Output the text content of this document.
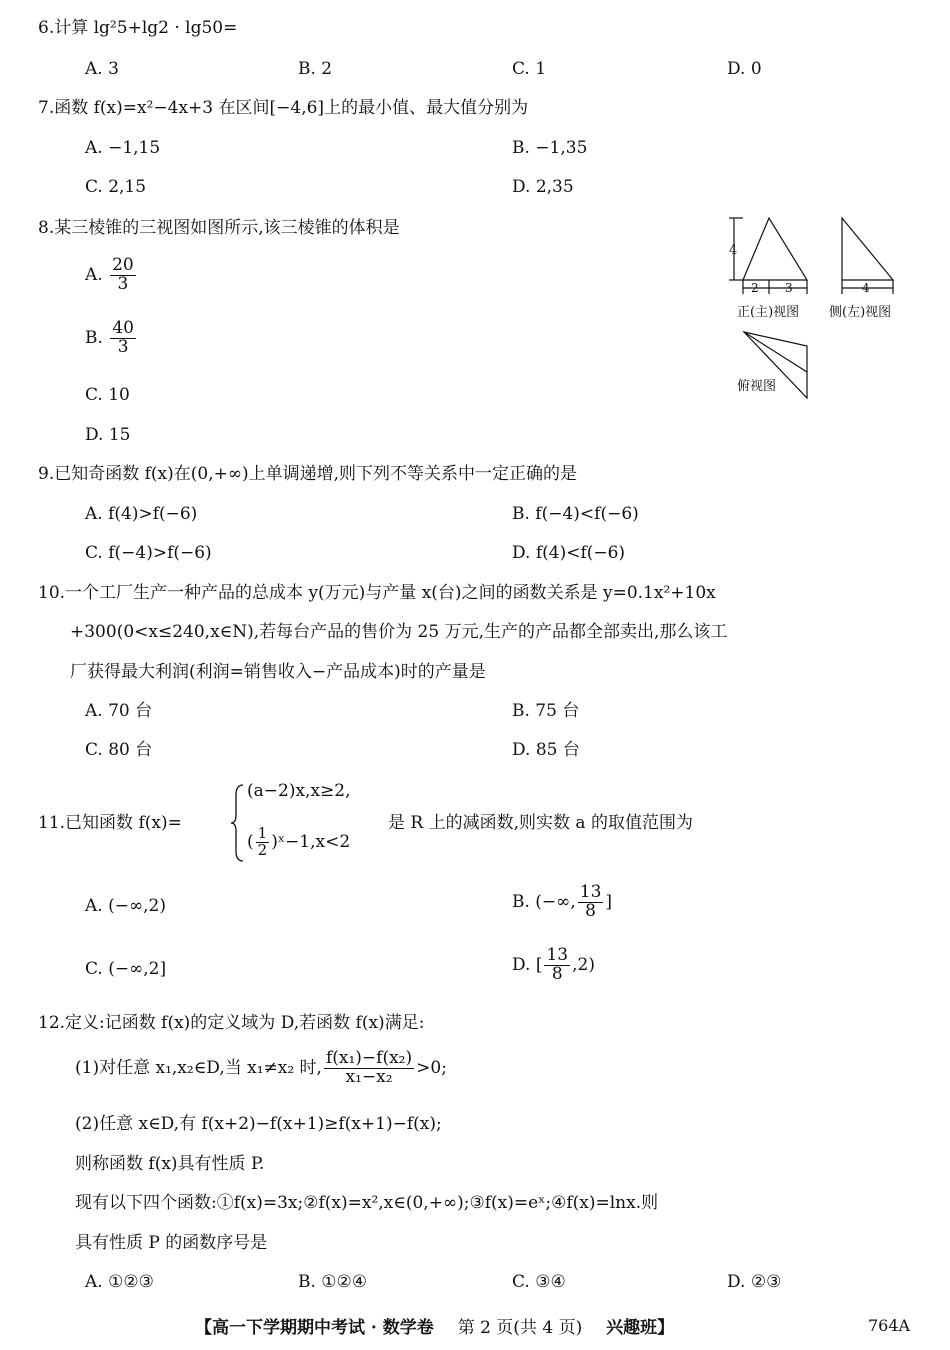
6.计算 lg²5+lg2 · lg50=
A. 3	B. 2	C. 1	D. 0
7.函数 f(x)=x²−4x+3 在区间[−4,6]上的最小值、最大值分别为
A. −1,15	B. −1,35
C. 2,15	D. 2,35
8.某三棱锥的三视图如图所示,该三棱锥的体积是
A. $\frac{20}{3}$
B. $\frac{40}{3}$
C. 10
D. 15
4
2 3
正(主)视图
4
侧(左)视图
俯视图
9.已知奇函数 f(x)在(0,+∞)上单调递增,则下列不等关系中一定正确的是
A. f(4)>f(−6)	B. f(−4)<f(−6)
C. f(−4)>f(−6)	D. f(4)<f(−6)
10.一个工厂生产一种产品的总成本 y(万元)与产量 x(台)之间的函数关系是 y=0.1x²+10x
+300(0<x≤240,x∈N),若每台产品的售价为 25 万元,生产的产品都全部卖出,那么该工
厂获得最大利润(利润=销售收入−产品成本)时的产量是
A. 70 台	B. 75 台
C. 80 台	D. 85 台
11.已知函数 f(x)=
(a−2)x,x≥2,
( $\frac{1}{2}$ )ˣ−1,x<2
是 R 上的减函数,则实数 a 的取值范围为
A. (−∞,2)	B. (−∞, $\frac{13}{8}$ ]
C. (−∞,2]	D. [ $\frac{13}{8} ,2$)
12.定义:记函数 f(x)的定义域为 D,若函数 f(x)满足:
(1)对任意 x₁,x₂∈D,当 x₁≠x₂ 时, $\frac{\text{f(x₁)−f(x₂)}}{\text{x₁−x₂}} >0$;
(2)任意 x∈D,有 f(x+2)−f(x+1)≥f(x+1)−f(x);
则称函数 f(x)具有性质 P.
现有以下四个函数:①f(x)=3x;②f(x)=x²,x∈(0,+∞);③f(x)=eˣ;④f(x)=lnx.则
具有性质 P 的函数序号是
A. ①②③	B. ①②④	C. ③④	D. ②③
【高一下学期期中考试 · 数学卷 第 2 页(共 4 页) 兴趣班】	764A
